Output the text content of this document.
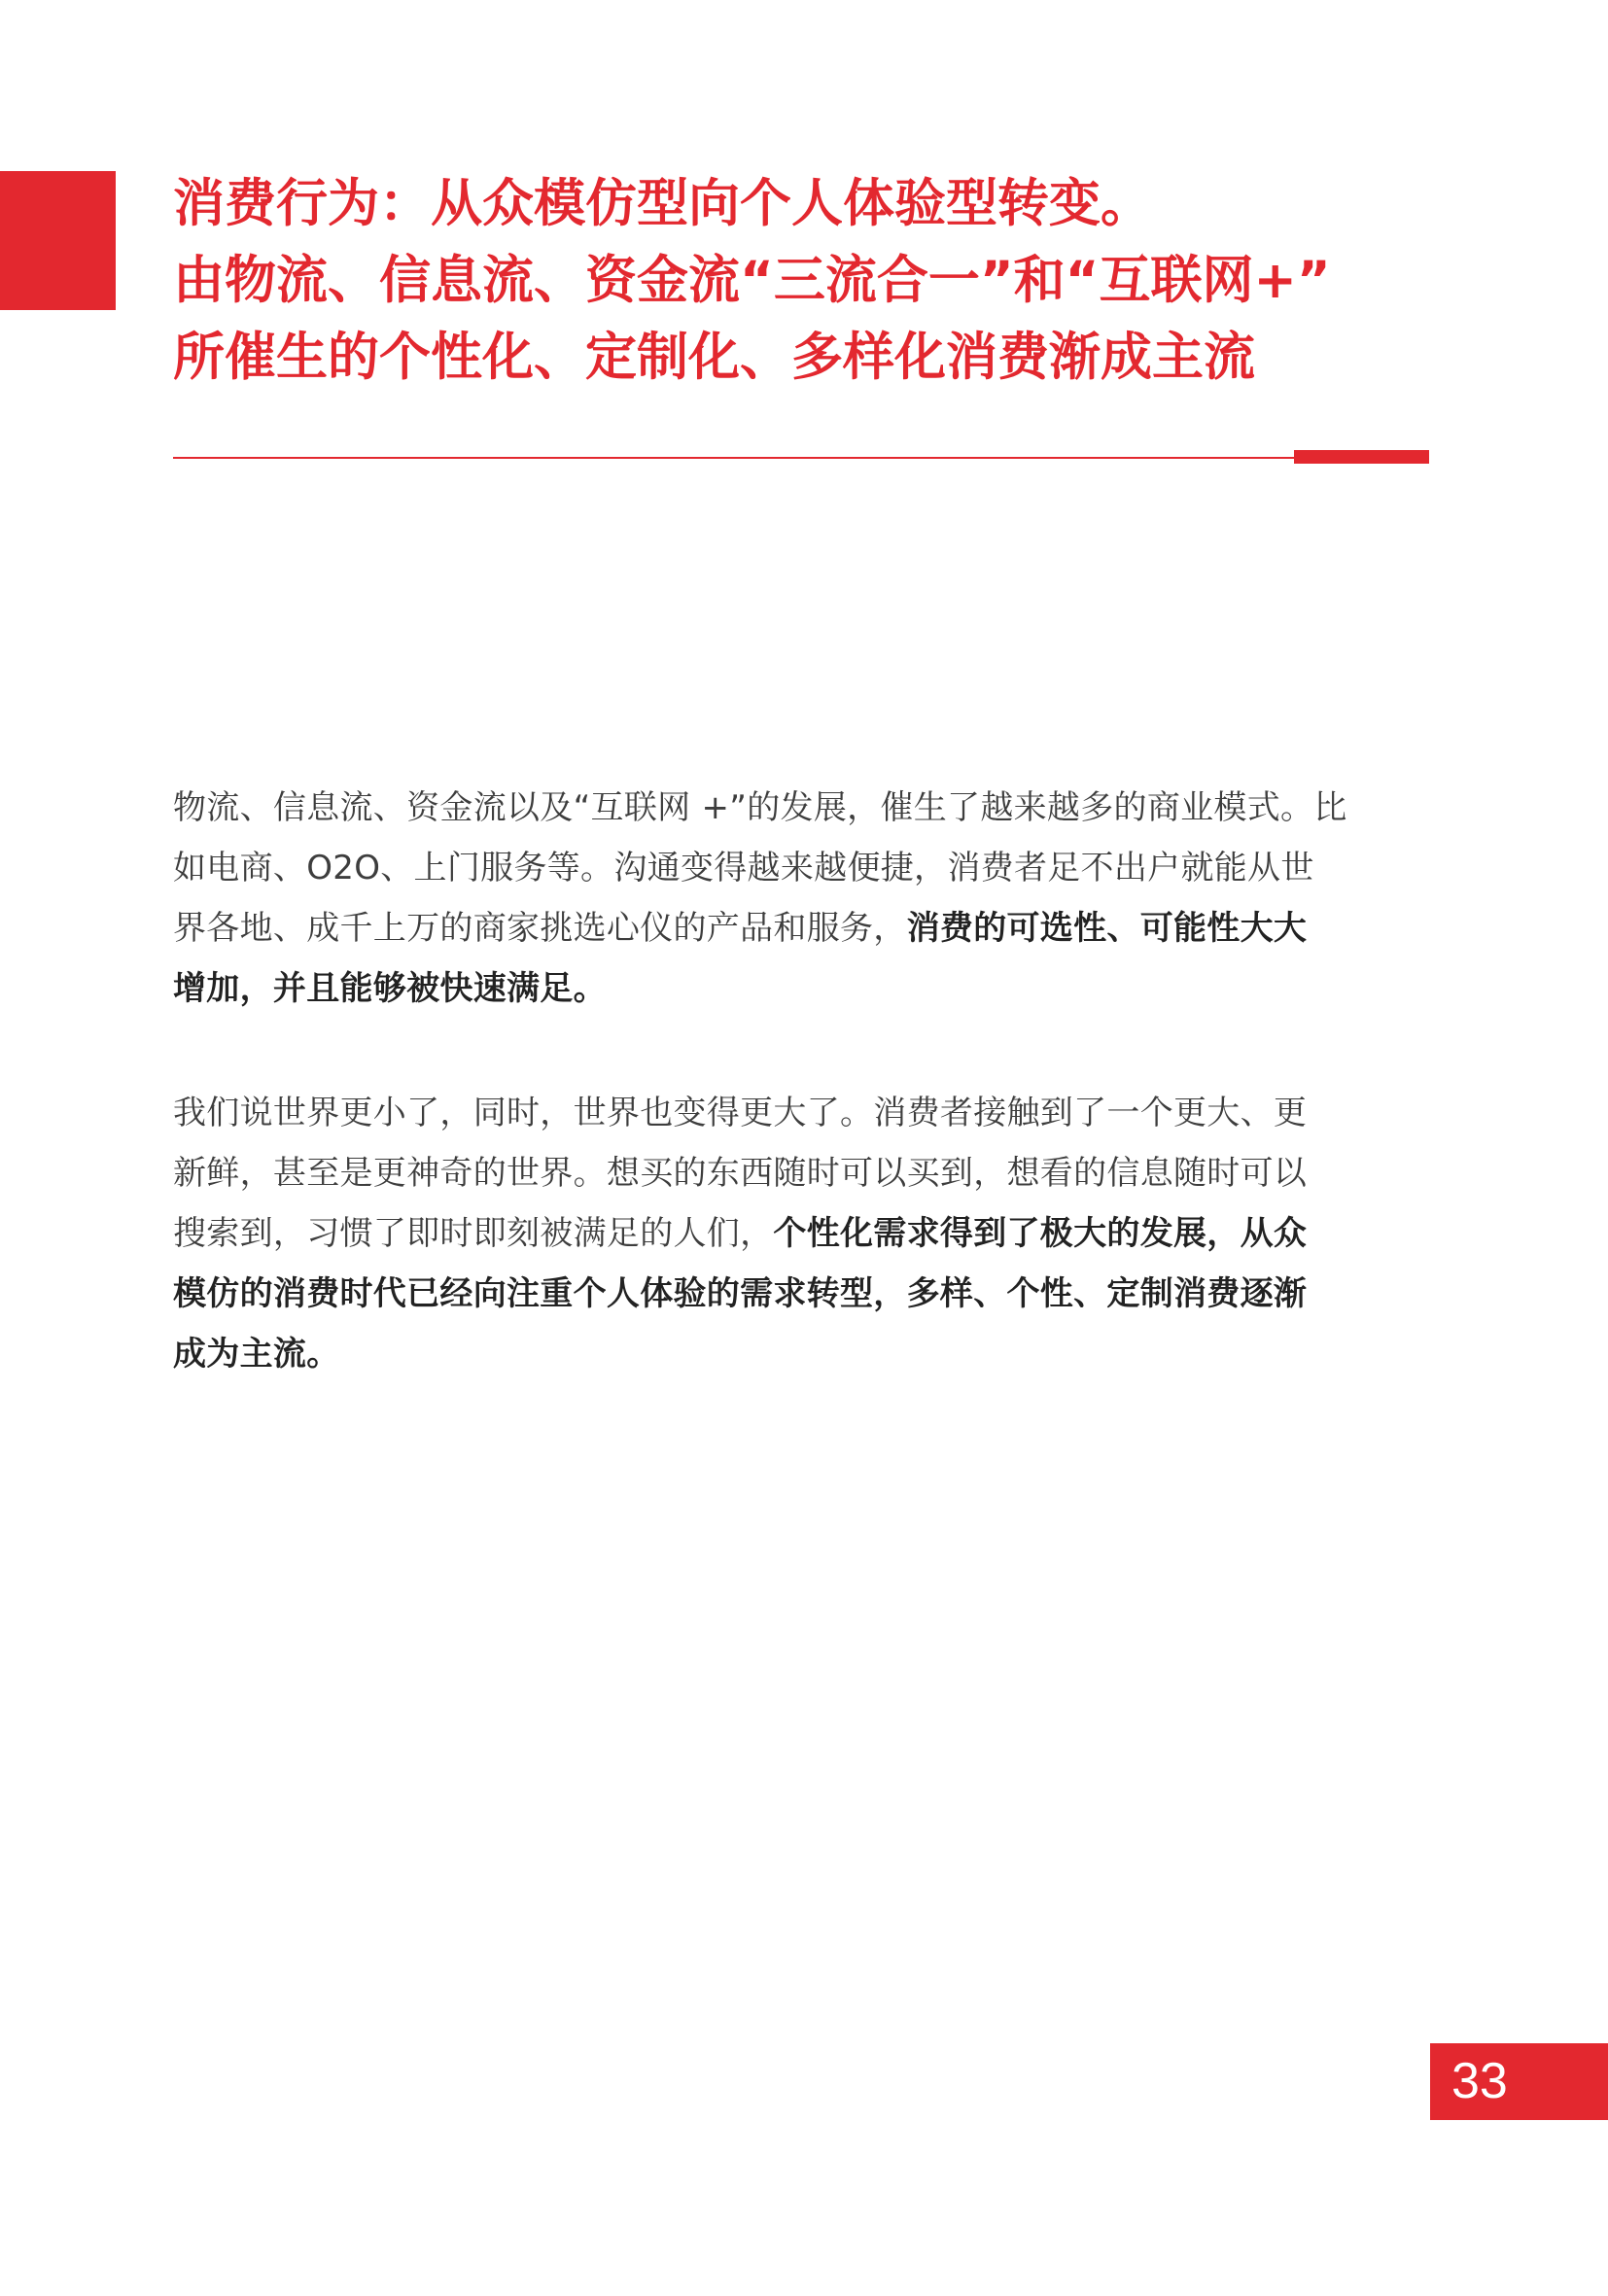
消费行为：从众模仿型向个人体验型转变。
由物流、信息流、资金流“三流合一”和“互联网+”
所催生的个性化、定制化、多样化消费渐成主流

物流、信息流、资金流以及“互联网 +”的发展，催生了越来越多的商业模式。比
如电商、O2O、上门服务等。沟通变得越来越便捷，消费者足不出户就能从世
界各地、成千上万的商家挑选心仪的产品和服务，消费的可选性、可能性大大
增加，并且能够被快速满足。

我们说世界更小了，同时，世界也变得更大了。消费者接触到了一个更大、更
新鲜，甚至是更神奇的世界。想买的东西随时可以买到，想看的信息随时可以
搜索到，习惯了即时即刻被满足的人们，个性化需求得到了极大的发展，从众
模仿的消费时代已经向注重个人体验的需求转型，多样、个性、定制消费逐渐
成为主流。

33
